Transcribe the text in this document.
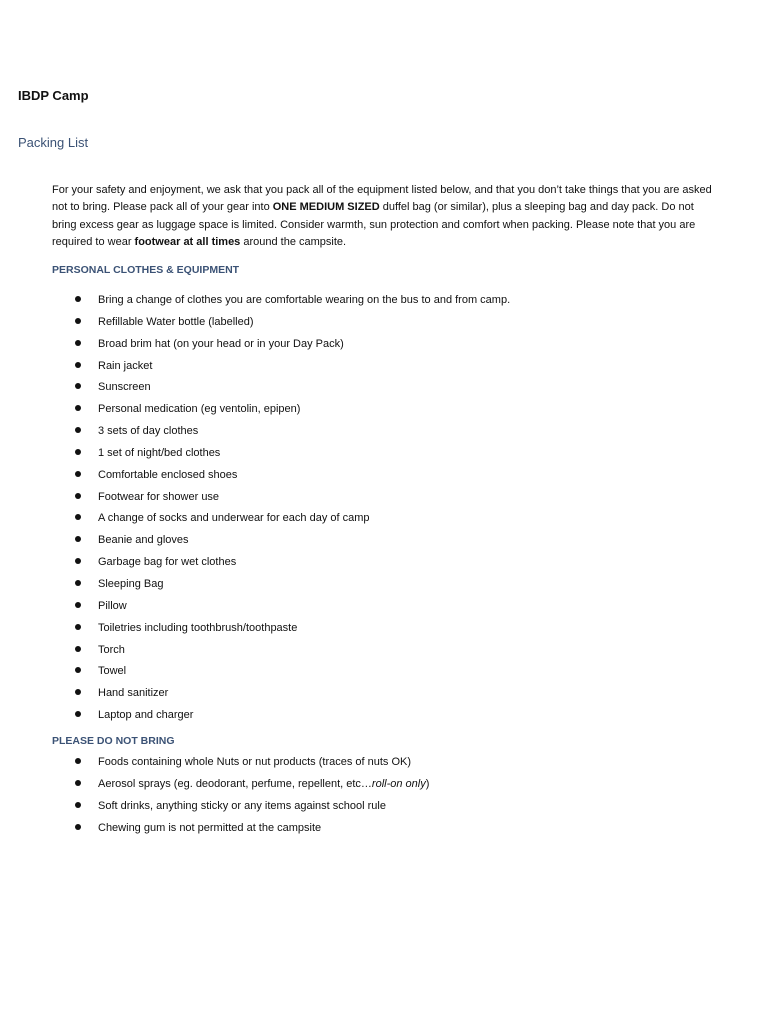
IBDP Camp
Packing List

For your safety and enjoyment, we ask that you pack all of the equipment listed below, and that you don’t take things that you are asked not to bring. Please pack all of your gear into ONE MEDIUM SIZED duffel bag (or similar), plus a sleeping bag and day pack. Do not bring excess gear as luggage space is limited. Consider warmth, sun protection and comfort when packing. Please note that you are required to wear footwear at all times around the campsite.

PERSONAL CLOTHES & EQUIPMENT
Bring a change of clothes you are comfortable wearing on the bus to and from camp.
Refillable Water bottle (labelled)
Broad brim hat (on your head or in your Day Pack)
Rain jacket
Sunscreen
Personal medication (eg ventolin, epipen)
3 sets of day clothes
1 set of night/bed clothes
Comfortable enclosed shoes
Footwear for shower use
A change of socks and underwear for each day of camp
Beanie and gloves
Garbage bag for wet clothes
Sleeping Bag
Pillow
Toiletries including toothbrush/toothpaste
Torch
Towel
Hand sanitizer
Laptop and charger
PLEASE DO NOT BRING
Foods containing whole Nuts or nut products (traces of nuts OK)
Aerosol sprays (eg. deodorant, perfume, repellent, etc…roll-on only)
Soft drinks, anything sticky or any items against school rule
Chewing gum is not permitted at the campsite
